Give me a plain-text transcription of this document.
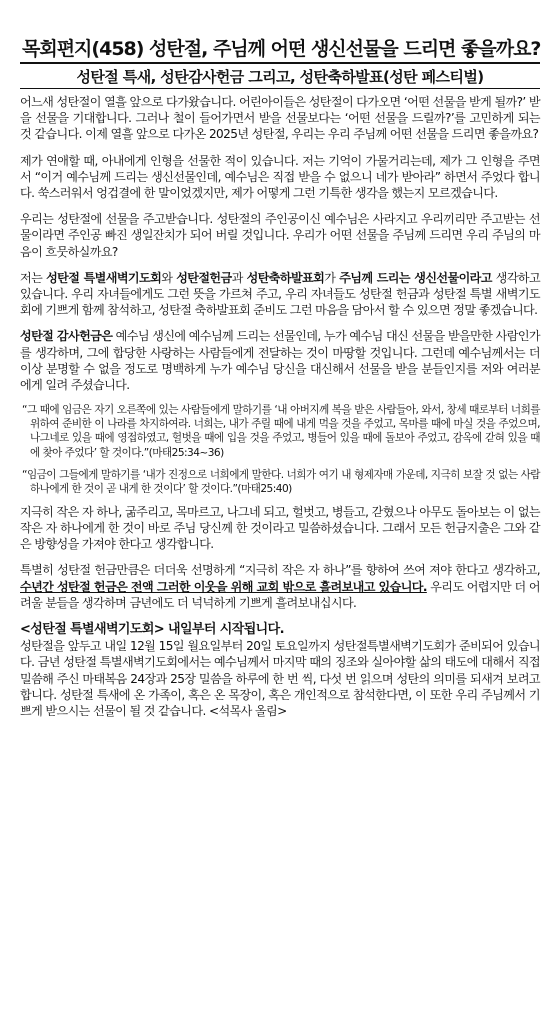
목회편지(458) 성탄절, 주님께 어떤 생신선물을 드리면 좋을까요?
성탄절 특새, 성탄감사헌금 그리고, 성탄축하발표(성탄 페스티벌)

어느새 성탄절이 열흘 앞으로 다가왔습니다. 어린아이들은 성탄절이 다가오면 ‘어떤 선물을 받게 될까?’ 받을 선물을 기대합니다. 그러나 철이 들어가면서 받을 선물보다는 ‘어떤 선물을 드릴까?’를 고민하게 되는 것 같습니다. 이제 열흘 앞으로 다가온 2025년 성탄절, 우리는 우리 주님께 어떤 선물을 드리면 좋을까요?

제가 연애할 때, 아내에게 인형을 선물한 적이 있습니다. 저는 기억이 가물거리는데, 제가 그 인형을 주면서 “이거 예수님께 드리는 생신선물인데, 예수님은 직접 받을 수 없으니 네가 받아라” 하면서 주었다 합니다. 쑥스러워서 엉겁결에 한 말이었겠지만, 제가 어떻게 그런 기특한 생각을 했는지 모르겠습니다.

우리는 성탄절에 선물을 주고받습니다. 성탄절의 주인공이신 예수님은 사라지고 우리끼리만 주고받는 선물이라면 주인공 빠진 생일잔치가 되어 버릴 것입니다. 우리가 어떤 선물을 주님께 드리면 우리 주님의 마음이 흐뭇하실까요?

저는 성탄절 특별새벽기도회와 성탄절헌금과 성탄축하발표회가 주님께 드리는 생신선물이라고 생각하고 있습니다. 우리 자녀들에게도 그런 뜻을 가르쳐 주고, 우리 자녀들도 성탄절 헌금과 성탄절 특별 새벽기도회에 기쁘게 함께 참석하고, 성탄절 축하발표회 준비도 그런 마음을 담아서 할 수 있으면 정말 좋겠습니다.

성탄절 감사헌금은 예수님 생신에 예수님께 드리는 선물인데, 누가 예수님 대신 선물을 받을만한 사람인가를 생각하며, 그에 합당한 사랑하는 사람들에게 전달하는 것이 마땅할 것입니다. 그런데 예수님께서는 더 이상 분명할 수 없을 정도로 명백하게 누가 예수님 당신을 대신해서 선물을 받을 분들인지를 저와 여러분에게 일려 주셨습니다.

“그 때에 임금은 자기 오른쪽에 있는 사람들에게 말하기를 ‘내 아버지께 복을 받은 사람들아, 와서, 창세 때로부터 너희를 위하여 준비한 이 나라를 차지하여라. 너희는, 내가 주릴 때에 내게 먹을 것을 주었고, 목마를 때에 마실 것을 주었으며, 나그네로 있을 때에 영접하였고, 헐벗을 때에 입을 것을 주었고, 병들어 있을 때에 돌보아 주었고, 감옥에 갇혀 있을 때에 찾아 주었다’ 할 것이다.”(마태25:34~36)

“임금이 그들에게 말하기를 ‘내가 진정으로 너희에게 말한다. 너희가 여기 내 형제자매 가운데, 지극히 보잘 것 없는 사람 하나에게 한 것이 곧 내게 한 것이다’ 할 것이다.”(마태25:40)

지극히 작은 자 하나, 굶주리고, 목마르고, 나그네 되고, 헐벗고, 병들고, 갇혔으나 아무도 돌아보는 이 없는 작은 자 하나에게 한 것이 바로 주님 당신께 한 것이라고 밀씀하셨습니다. 그래서 모든 헌금지출은 그와 같은 방향성을 가져야 한다고 생각합니다.

특별히 성탄절 헌금만큼은 더더욱 선명하게 “지극히 작은 자 하나”를 향하여 쓰여 져야 한다고 생각하고, 수년간 성탄절 헌금은 전액 그러한 이웃을 위해 교회 밖으로 흘려보내고 있습니다. 우리도 어렵지만 더 어려울 분들을 생각하며 금년에도 더 넉넉하게 기쁘게 흘려보내십시다.

<성탄절 특별새벽기도회> 내일부터 시작됩니다.
성탄절을 앞두고 내일 12월 15일 월요일부터 20일 토요일까지 성탄절특별새벽기도회가 준비되어 있습니다. 금년 성탄절 특별새벽기도회에서는 예수님께서 마지막 때의 징조와 실아야할 삶의 태도에 대해서 직접 밀씀해 주신 마태복음 24장과 25장 밀씀을 하루에 한 번 씩, 다섯 번 읽으며 성탄의 의미를 되새겨 보려고 합니다. 성탄절 특새에 온 가족이, 혹은 온 목장이, 혹은 개인적으로 참석한다면, 이 또한 우리 주님께서 기쁘게 받으시는 선물이 될 것 같습니다. <석목사 올림>
